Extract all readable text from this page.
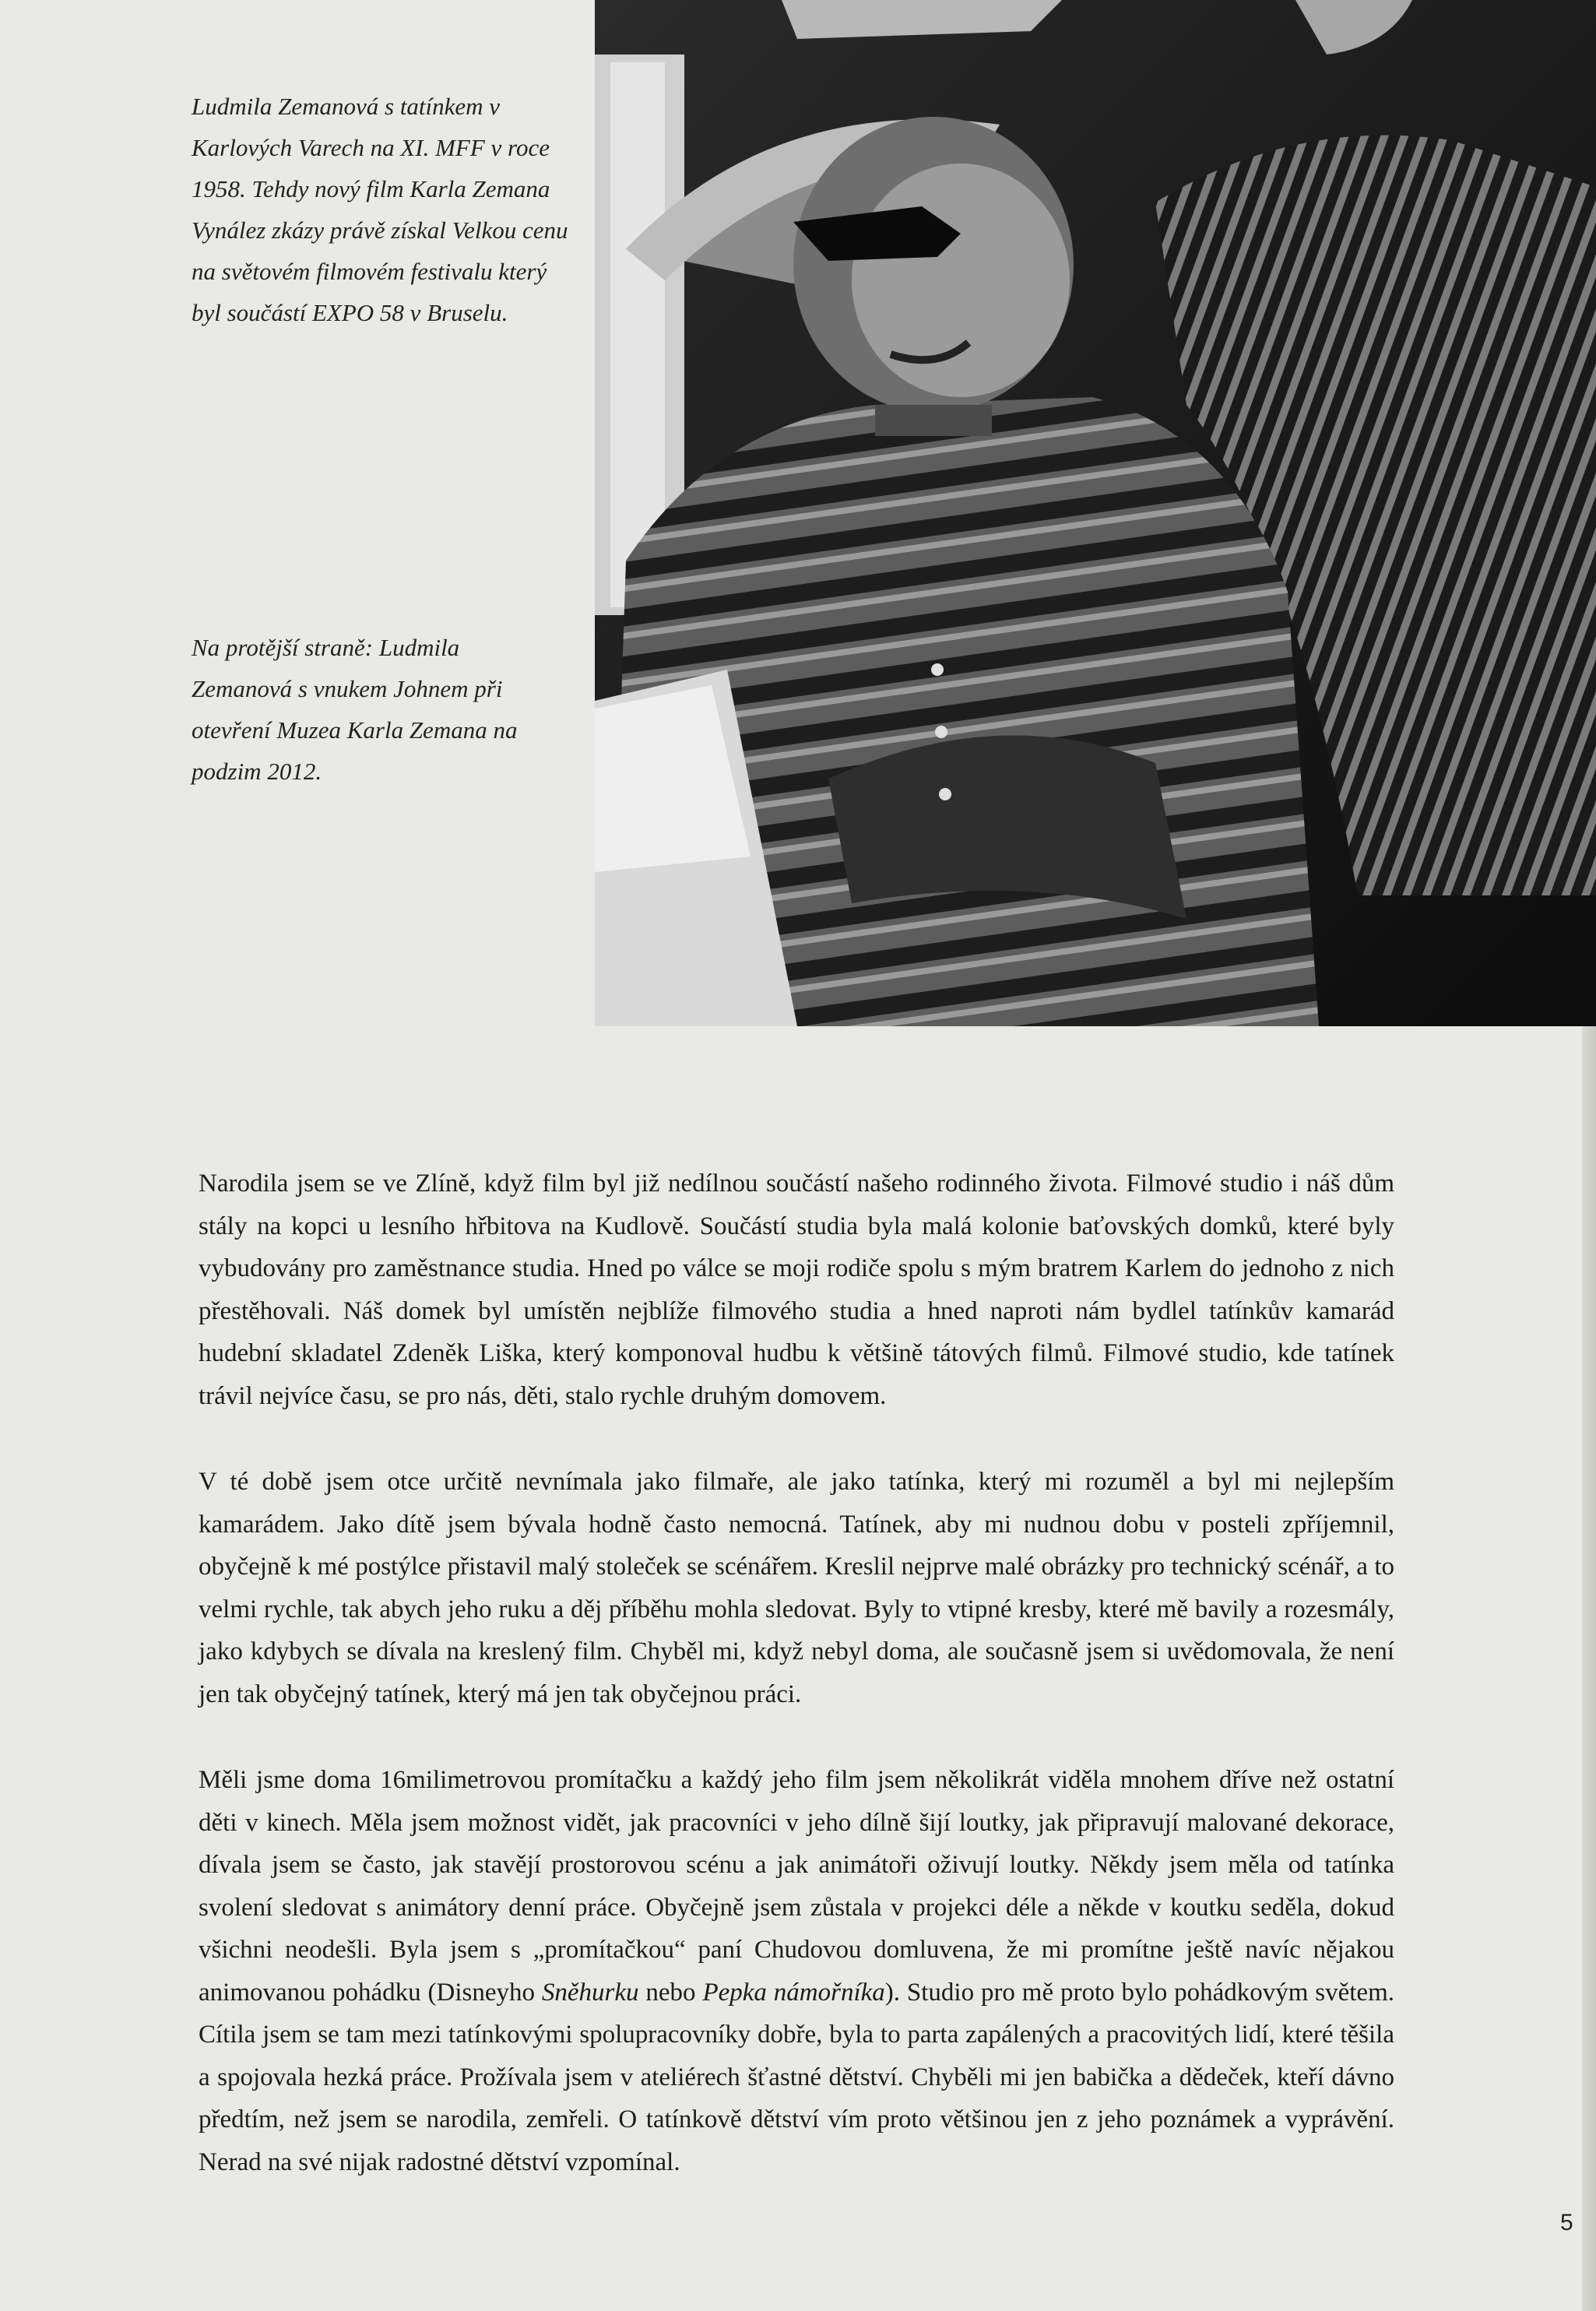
Ludmila Zemanová s tatínkem v Karlových Varech na XI. MFF v roce 1958. Tehdy nový film Karla Zemana Vynález zkázy právě získal Velkou cenu na světovém filmovém festivalu který byl součástí EXPO 58 v Bruselu.

Na protější straně: Ludmila Zemanová s vnukem Johnem při otevření Muzea Karla Zemana na podzim 2012.

Narodila jsem se ve Zlíně, když film byl již nedílnou součástí našeho rodinného života. Filmové studio i náš dům stály na kopci u lesního hřbitova na Kudlově. Součástí studia byla malá kolonie baťovských domků, které byly vybudovány pro zaměstnance studia. Hned po válce se moji rodiče spolu s mým bratrem Karlem do jednoho z nich přestěhovali. Náš domek byl umístěn nejblíže filmového studia a hned naproti nám bydlel tatínkův kamarád hudební skladatel Zdeněk Liška, který komponoval hudbu k většině tátových filmů. Filmové studio, kde tatínek trávil nejvíce času, se pro nás, děti, stalo rychle druhým domovem.

V té době jsem otce určitě nevnímala jako filmaře, ale jako tatínka, který mi rozuměl a byl mi nejlepším kamarádem. Jako dítě jsem bývala hodně často nemocná. Tatínek, aby mi nudnou dobu v posteli zpříjemnil, obyčejně k mé postýlce přistavil malý stoleček se scénářem. Kreslil nejprve malé obrázky pro technický scénář, a to velmi rychle, tak abych jeho ruku a děj příběhu mohla sledovat. Byly to vtipné kresby, které mě bavily a rozesmály, jako kdybych se dívala na kreslený film. Chyběl mi, když nebyl doma, ale současně jsem si uvědomovala, že není jen tak obyčejný tatínek, který má jen tak obyčejnou práci.

Měli jsme doma 16milimetrovou promítačku a každý jeho film jsem několikrát viděla mnohem dříve než ostatní děti v kinech. Měla jsem možnost vidět, jak pracovníci v jeho dílně šijí loutky, jak připravují malované dekorace, dívala jsem se často, jak stavějí prostorovou scénu a jak animátoři oživují loutky. Někdy jsem měla od tatínka svolení sledovat s animátory denní práce. Obyčejně jsem zůstala v projekci déle a někde v koutku seděla, dokud všichni neodešli. Byla jsem s „promítačkou“ paní Chudovou domluvena, že mi promítne ještě navíc nějakou animovanou pohádku (Disneyho Sněhurku nebo Pepka námořníka). Studio pro mě proto bylo pohádkovým světem. Cítila jsem se tam mezi tatínkovými spolupracovníky dobře, byla to parta zapálených a pracovitých lidí, které těšila a spojovala hezká práce. Prožívala jsem v ateliérech šťastné dětství. Chyběli mi jen babička a dědeček, kteří dávno předtím, než jsem se narodila, zemřeli. O tatínkově dětství vím proto většinou jen z jeho poznámek a vyprávění. Nerad na své nijak radostné dětství vzpomínal.

5
